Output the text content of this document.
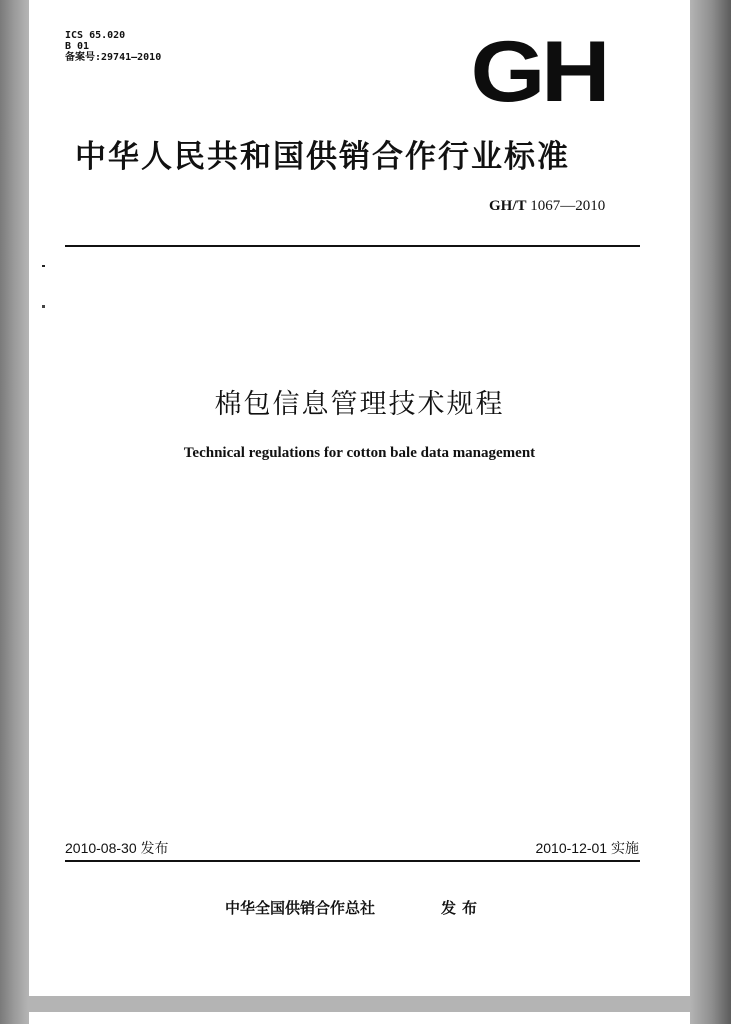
ICS 65.020
B 01
备案号:29741—2010	GH
中华人民共和国供销合作行业标准
GH/T 1067—2010
棉包信息管理技术规程
Technical regulations for cotton bale data management
2010-08-30 发布	2010-12-01 实施
中华全国供销合作总社	发布
